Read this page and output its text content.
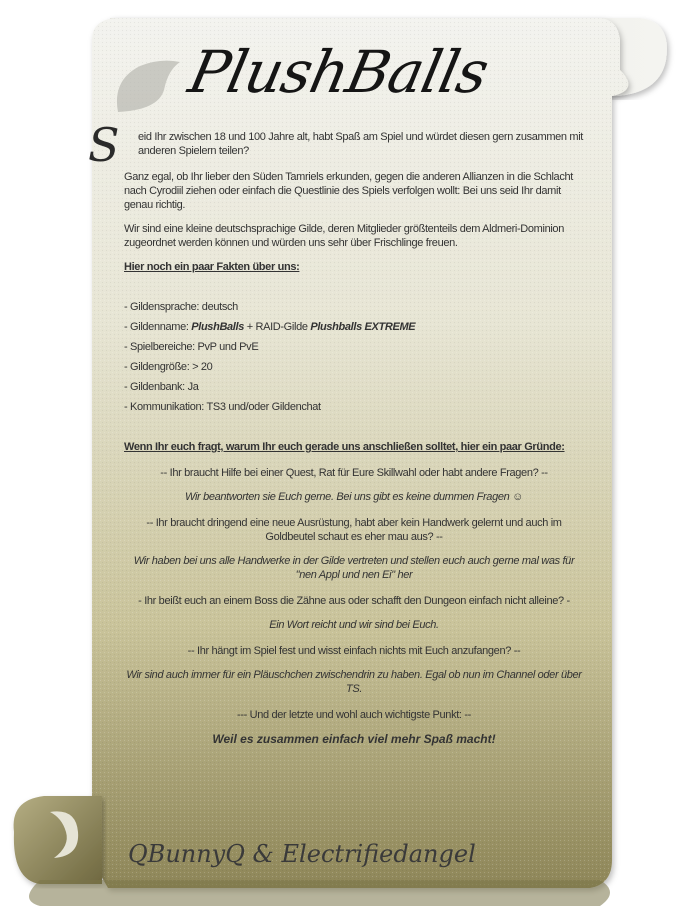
PlushBalls

S eid Ihr zwischen 18 und 100 Jahre alt, habt Spaß am Spiel und würdet diesen gern zusammen mit anderen Spielern teilen?

Ganz egal, ob Ihr lieber den Süden Tamriels erkunden, gegen die anderen Allianzen in die Schlacht nach Cyrodiil ziehen oder einfach die Questlinie des Spiels verfolgen wollt: Bei uns seid Ihr damit genau richtig.

Wir sind eine kleine deutschsprachige Gilde, deren Mitglieder größtenteils dem Aldmeri-Dominion zugeordnet werden können und würden uns sehr über Frischlinge freuen.

Hier noch ein paar Fakten über uns:

- Gildensprache: deutsch

- Gildenname: PlushBalls + RAID-Gilde Plushballs EXTREME

- Spielbereiche: PvP und PvE

- Gildengröße: > 20

- Gildenbank: Ja

- Kommunikation: TS3 und/oder Gildenchat

Wenn Ihr euch fragt, warum Ihr euch gerade uns anschließen solltet, hier ein paar Gründe:

-- Ihr braucht Hilfe bei einer Quest, Rat für Eure Skillwahl oder habt andere Fragen? --

Wir beantworten sie Euch gerne. Bei uns gibt es keine dummen Fragen ☺

-- Ihr braucht dringend eine neue Ausrüstung, habt aber kein Handwerk gelernt und auch im Goldbeutel schaut es eher mau aus? --

Wir haben bei uns alle Handwerke in der Gilde vertreten und stellen euch auch gerne mal was für "nen Appl und nen Ei" her

- Ihr beißt euch an einem Boss die Zähne aus oder schafft den Dungeon einfach nicht alleine? -

Ein Wort reicht und wir sind bei Euch.

-- Ihr hängt im Spiel fest und wisst einfach nichts mit Euch anzufangen? --

Wir sind auch immer für ein Pläuschchen zwischendrin zu haben. Egal ob nun im Channel oder über TS.

--- Und der letzte und wohl auch wichtigste Punkt: --

Weil es zusammen einfach viel mehr Spaß macht!

QBunnyQ & Electrifiedangel
